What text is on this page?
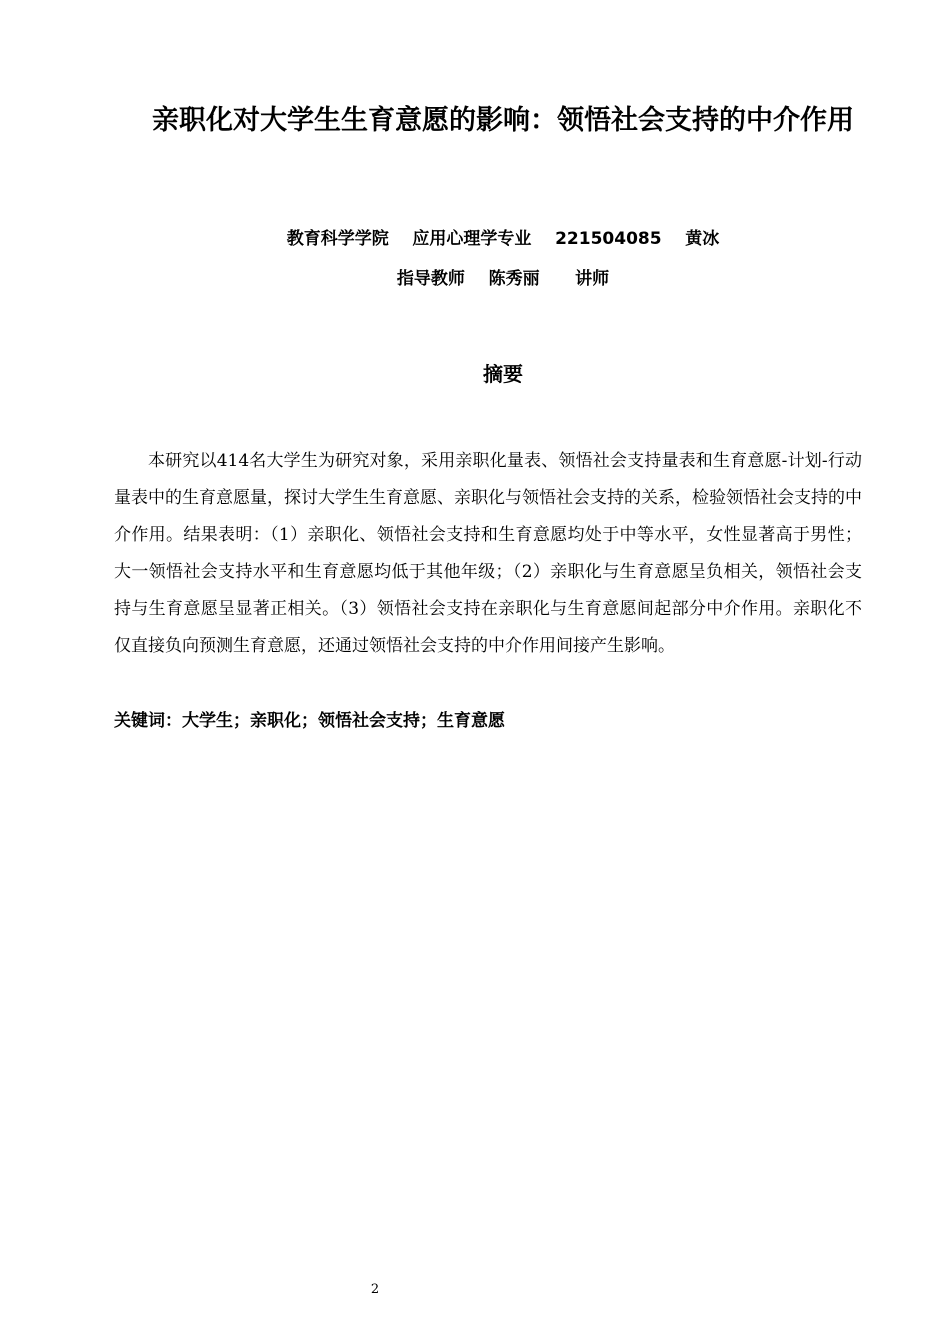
亲职化对大学生生育意愿的影响：领悟社会支持的中介作用
教育科学学院    应用心理学专业    221504085    黄冰
指导教师    陈秀丽      讲师
摘要
本研究以414名大学生为研究对象，采用亲职化量表、领悟社会支持量表和生育意愿-计划-行动量表中的生育意愿量，探讨大学生生育意愿、亲职化与领悟社会支持的关系，检验领悟社会支持的中介作用。结果表明：（1）亲职化、领悟社会支持和生育意愿均处于中等水平，女性显著高于男性；大一领悟社会支持水平和生育意愿均低于其他年级；（2）亲职化与生育意愿呈负相关，领悟社会支持与生育意愿呈显著正相关。（3）领悟社会支持在亲职化与生育意愿间起部分中介作用。亲职化不仅直接负向预测生育意愿，还通过领悟社会支持的中介作用间接产生影响。
关键词：大学生；亲职化；领悟社会支持；生育意愿
2
